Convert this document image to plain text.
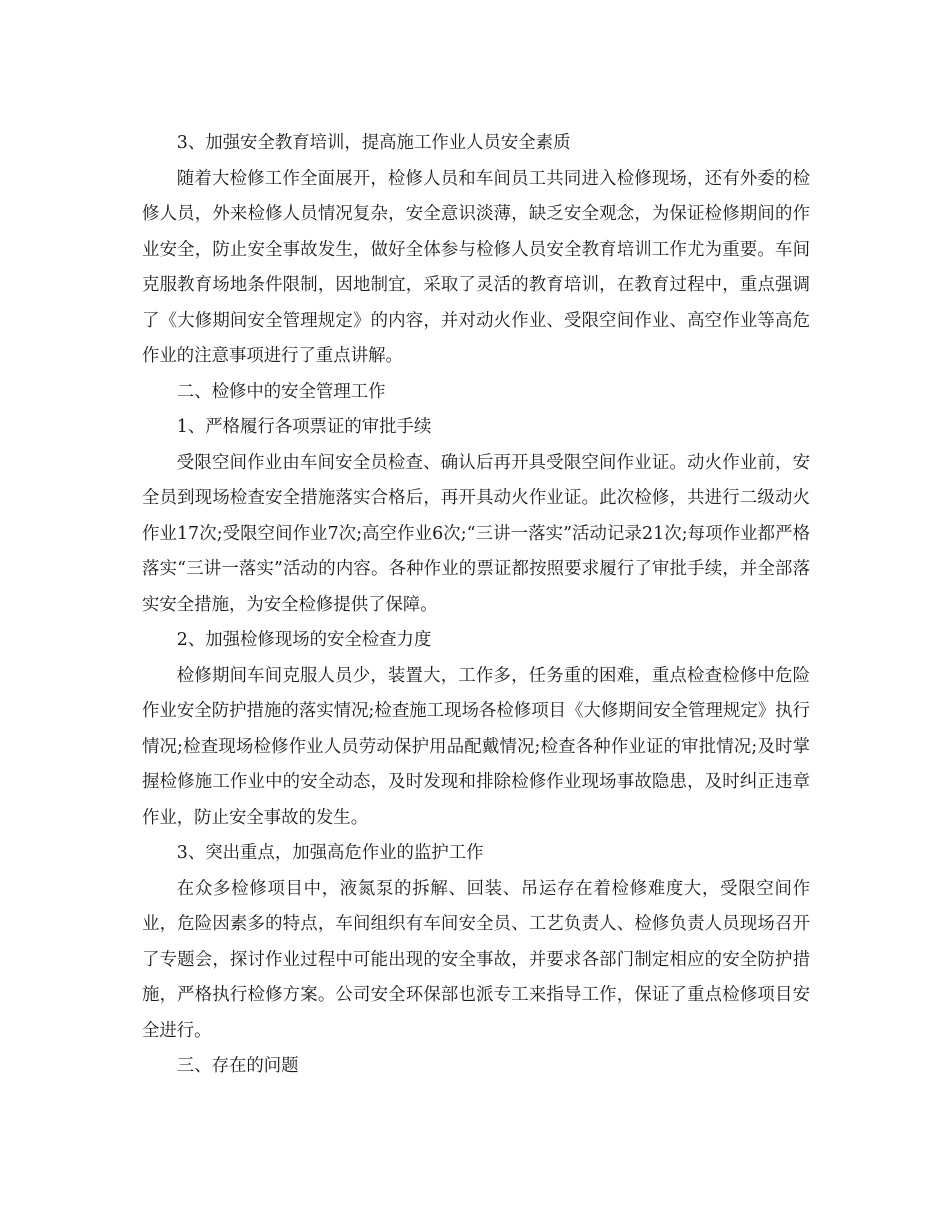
3、加强安全教育培训，提高施工作业人员安全素质

随着大检修工作全面展开，检修人员和车间员工共同进入检修现场，还有外委的检修人员，外来检修人员情况复杂，安全意识淡薄，缺乏安全观念，为保证检修期间的作业安全，防止安全事故发生，做好全体参与检修人员安全教育培训工作尤为重要。车间克服教育场地条件限制，因地制宜，采取了灵活的教育培训，在教育过程中，重点强调了《大修期间安全管理规定》的内容，并对动火作业、受限空间作业、高空作业等高危作业的注意事项进行了重点讲解。

二、检修中的安全管理工作

1、严格履行各项票证的审批手续

受限空间作业由车间安全员检查、确认后再开具受限空间作业证。动火作业前，安全员到现场检查安全措施落实合格后，再开具动火作业证。此次检修，共进行二级动火作业17次;受限空间作业7次;高空作业6次;“三讲一落实”活动记录21次;每项作业都严格落实“三讲一落实”活动的内容。各种作业的票证都按照要求履行了审批手续，并全部落实安全措施，为安全检修提供了保障。

2、加强检修现场的安全检查力度

检修期间车间克服人员少，装置大，工作多，任务重的困难，重点检查检修中危险作业安全防护措施的落实情况;检查施工现场各检修项目《大修期间安全管理规定》执行情况;检查现场检修作业人员劳动保护用品配戴情况;检查各种作业证的审批情况;及时掌握检修施工作业中的安全动态，及时发现和排除检修作业现场事故隐患，及时纠正违章作业，防止安全事故的发生。

3、突出重点，加强高危作业的监护工作

在众多检修项目中，液氮泵的拆解、回装、吊运存在着检修难度大，受限空间作业，危险因素多的特点，车间组织有车间安全员、工艺负责人、检修负责人员现场召开了专题会，探讨作业过程中可能出现的安全事故，并要求各部门制定相应的安全防护措施，严格执行检修方案。公司安全环保部也派专工来指导工作，保证了重点检修项目安全进行。

三、存在的问题
